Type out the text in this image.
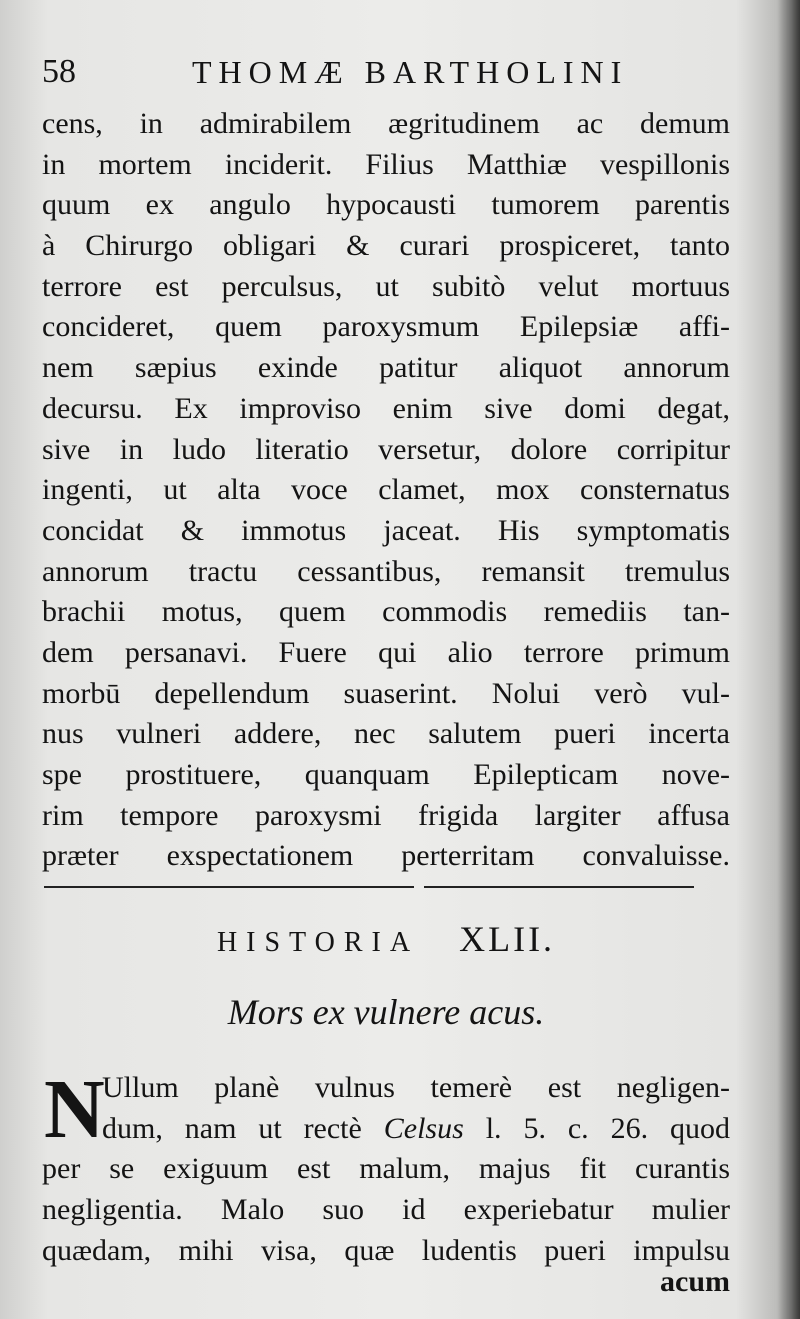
58	THOMÆ BARTHOLINI
cens, in admirabilem ægritudinem ac demum
in mortem inciderit. Filius Matthiæ vespillonis
quum ex angulo hypocausti tumorem parentis
à Chirurgo obligari & curari prospiceret, tanto
terrore est perculsus, ut subitò velut mortuus
concideret, quem paroxysmum Epilepsiæ affi-
nem sæpius exinde patitur aliquot annorum
decursu. Ex improviso enim sive domi degat,
sive in ludo literatio versetur, dolore corripitur
ingenti, ut alta voce clamet, mox consternatus
concidat & immotus jaceat. His symptomatis
annorum tractu cessantibus, remansit tremulus
brachii motus, quem commodis remediis tan-
dem persanavi. Fuere qui alio terrore primum
morbū depellendum suaserint. Nolui verò vul-
nus vulneri addere, nec salutem pueri incerta
spe prostituere, quanquam Epilepticam nove-
rim tempore paroxysmi frigida largiter affusa
præter exspectationem perterritam convaluisse.
HISTORIA XLII.
Mors ex vulnere acus.
N
Ullum planè vulnus temerè est negligen-
dum, nam ut rectè Celsus l. 5. c. 26. quod
per se exiguum est malum, majus fit curantis
negligentia. Malo suo id experiebatur mulier
quædam, mihi visa, quæ ludentis pueri impulsu
acum
